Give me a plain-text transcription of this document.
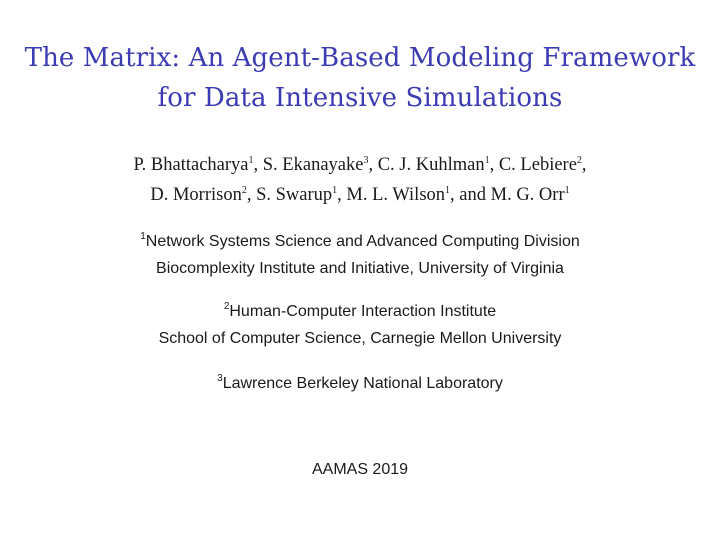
The Matrix: An Agent-Based Modeling Framework
for Data Intensive Simulations
P. Bhattacharya$^1$, S. Ekanayake$^3$, C. J. Kuhlman$^1$, C. Lebiere$^2$,
D. Morrison$^2$, S. Swarup$^1$, M. L. Wilson$^1$, and M. G. Orr$^1$
$^1$Network Systems Science and Advanced Computing Division
Biocomplexity Institute and Initiative, University of Virginia
$^2$Human-Computer Interaction Institute
School of Computer Science, Carnegie Mellon University
$^3$Lawrence Berkeley National Laboratory
AAMAS 2019
